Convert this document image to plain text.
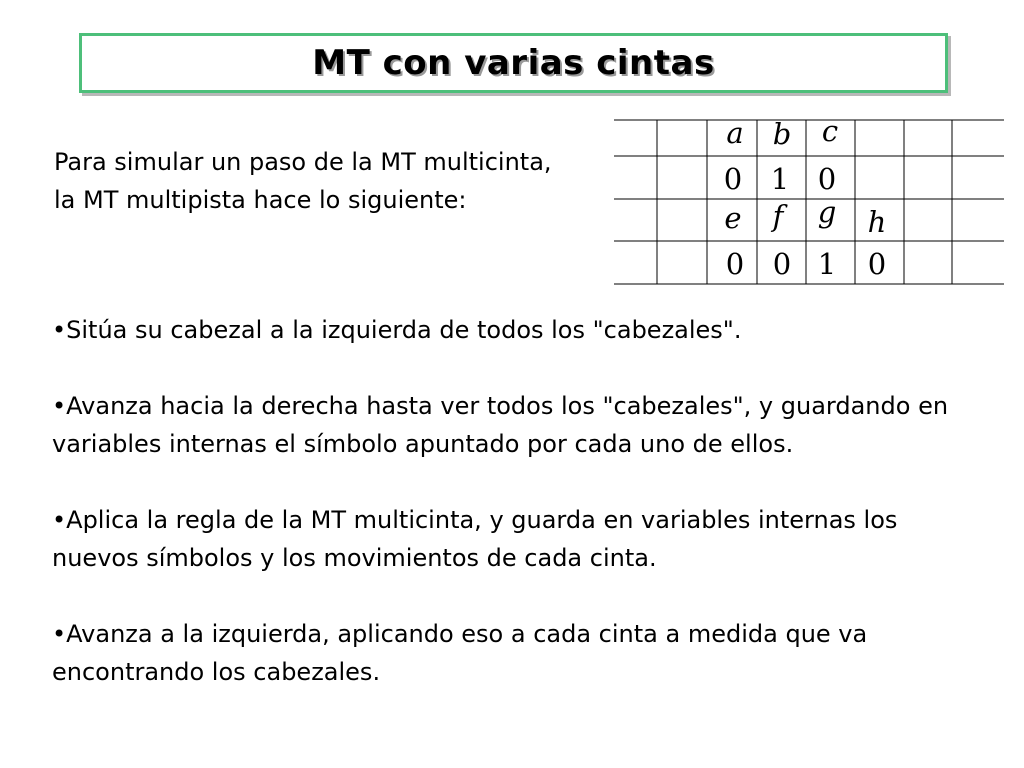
MT con varias cintas
Para simular un paso de la MT multicinta, la MT multipista hace lo siguiente:
a b c
0 1 0
e f g h
0 0 1 0
•Sitúa su cabezal a la izquierda de todos los "cabezales".
•Avanza hacia la derecha hasta ver todos los "cabezales", y guardando en variables internas el símbolo apuntado por cada uno de ellos.
•Aplica la regla de la MT multicinta, y guarda en variables internas los nuevos símbolos y los movimientos de cada cinta.
•Avanza a la izquierda, aplicando eso a cada cinta a medida que va encontrando los cabezales.
